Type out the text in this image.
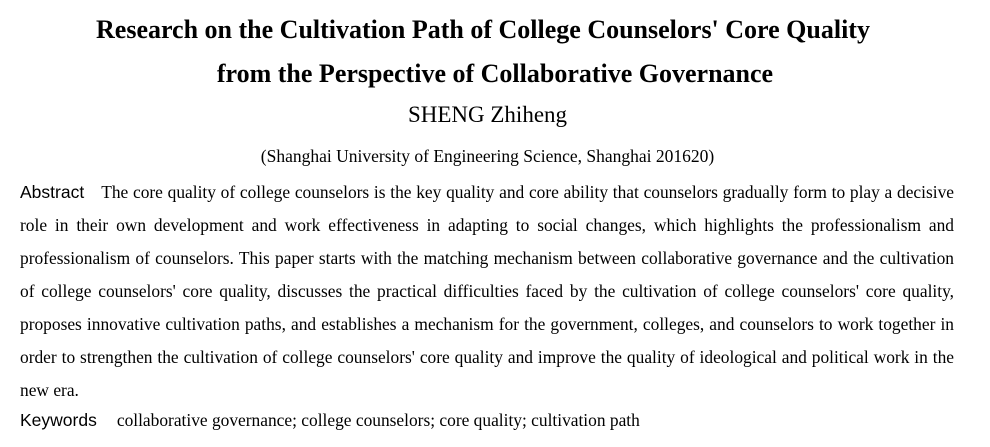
Research on the Cultivation Path of College Counselors' Core Quality
from the Perspective of Collaborative Governance
SHENG Zhiheng
(Shanghai University of Engineering Science, Shanghai 201620)
Abstract The core quality of college counselors is the key quality and core ability that counselors gradually form to play a decisive role in their own development and work effectiveness in adapting to social changes, which highlights the professionalism and professionalism of counselors. This paper starts with the matching mechanism between collaborative governance and the cultivation of college counselors' core quality, discusses the practical difficulties faced by the cultivation of college counselors' core quality, proposes innovative cultivation paths, and establishes a mechanism for the government, colleges, and counselors to work together in order to strengthen the cultivation of college counselors' core quality and improve the quality of ideological and political work in the new era.
Keywords collaborative governance; college counselors; core quality; cultivation path
